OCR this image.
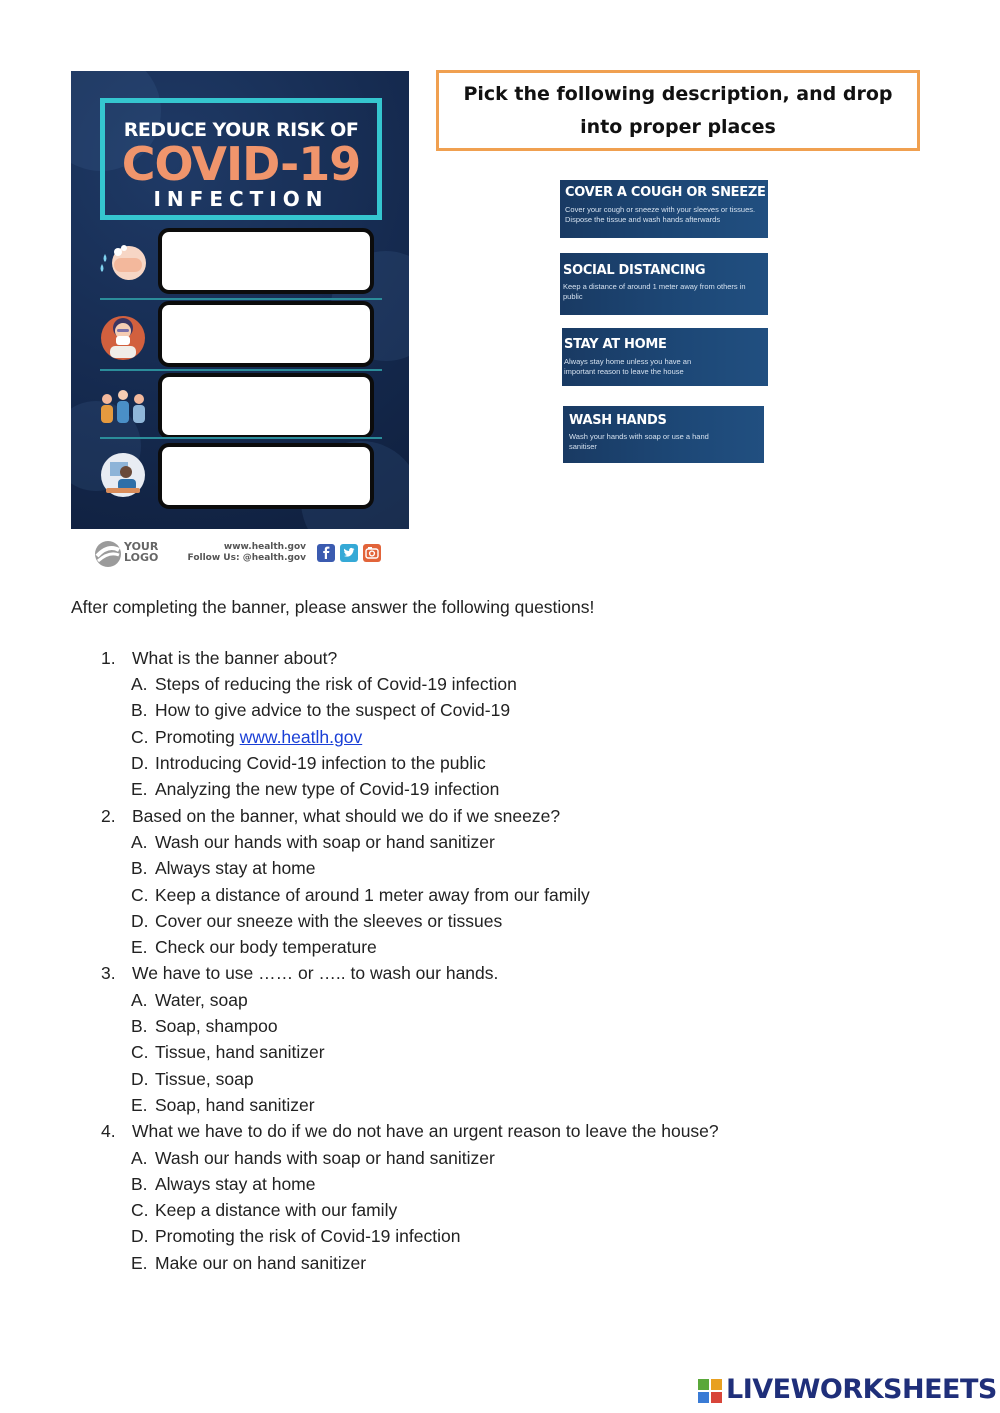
REDUCE YOUR RISK OF
COVID-19
INFECTION
YOUR LOGO
www.health.gov
Follow Us: @health.gov
Pick the following description, and drop into proper places
COVER A COUGH OR SNEEZE
Cover your cough or sneeze with your sleeves or tissues. Dispose the tissue and wash hands afterwards
SOCIAL DISTANCING
Keep a distance of around 1 meter away from others in public
STAY AT HOME
Always stay home unless you have an important reason to leave the house
WASH HANDS
Wash your hands with soap or use a hand sanitiser
After completing the banner, please answer the following questions!
1. What is the banner about?
A. Steps of reducing the risk of Covid-19 infection
B. How to give advice to the suspect of Covid-19
C. Promoting www.heatlh.gov
D. Introducing Covid-19 infection to the public
E. Analyzing the new type of Covid-19 infection
2. Based on the banner, what should we do if we sneeze?
A. Wash our hands with soap or hand sanitizer
B. Always stay at home
C. Keep a distance of around 1 meter away from our family
D. Cover our sneeze with the sleeves or tissues
E. Check our body temperature
3. We have to use …… or ….. to wash our hands.
A. Water, soap
B. Soap, shampoo
C. Tissue, hand sanitizer
D. Tissue, soap
E. Soap, hand sanitizer
4. What we have to do if we do not have an urgent reason to leave the house?
A. Wash our hands with soap or hand sanitizer
B. Always stay at home
C. Keep a distance with our family
D. Promoting the risk of Covid-19 infection
E. Make our on hand sanitizer
LIVEWORKSHEETS
